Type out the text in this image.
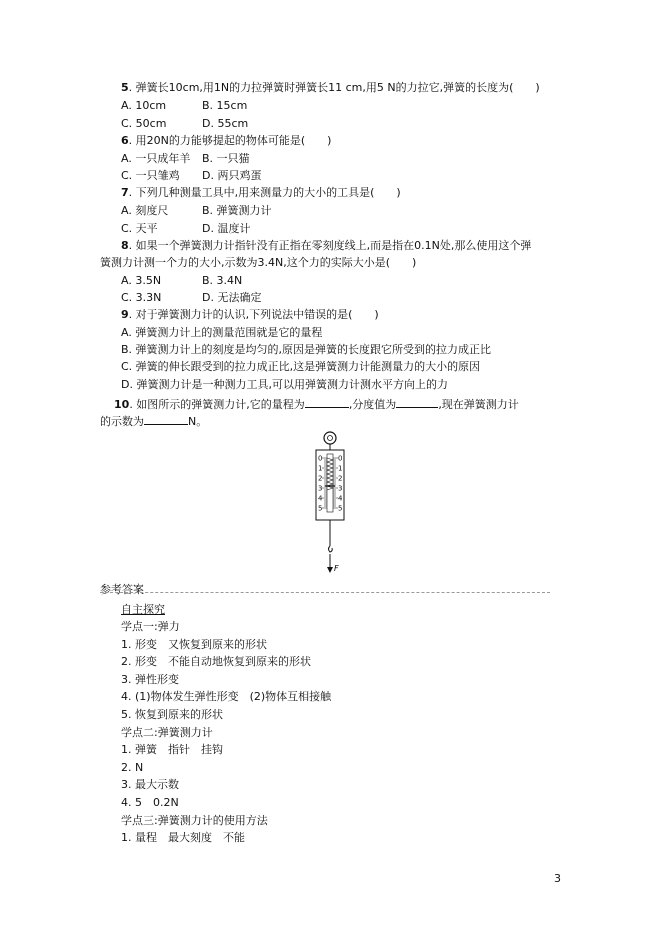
5. 弹簧长10cm,用1N的力拉弹簧时弹簧长11 cm,用5 N的力拉它,弹簧的长度为(　　)
A. 10cm	B. 15cm
C. 50cm	D. 55cm
6. 用20N的力能够提起的物体可能是(　　)
A. 一只成年羊 B. 一只猫
C. 一只雏鸡 D. 两只鸡蛋
7. 下列几种测量工具中,用来测量力的大小的工具是(　　)
A. 刻度尺	B. 弹簧测力计
C. 天平	D. 温度计
8. 如果一个弹簧测力计指针没有正指在零刻度线上,而是指在0.1N处,那么使用这个弹
簧测力计测一个力的大小,示数为3.4N,这个力的实际大小是(　　)
A. 3.5N	B. 3.4N
C. 3.3N	D. 无法确定
9. 对于弹簧测力计的认识,下列说法中错误的是(　　)
A. 弹簧测力计上的测量范围就是它的量程
B. 弹簧测力计上的刻度是均匀的,原因是弹簧的长度跟它所受到的拉力成正比
C. 弹簧的伸长跟受到的拉力成正比,这是弹簧测力计能测量力的大小的原因
D. 弹簧测力计是一种测力工具,可以用弹簧测力计测水平方向上的力
10. 如图所示的弹簧测力计,它的量程为	,分度值为	,现在弹簧测力计
的示数为	N。
0
1
2
3
4
5
0
1
2
3
4
5
F
参考答案
自主探究
学点一:弹力
1. 形变　又恢复到原来的形状
2. 形变　不能自动地恢复到原来的形状
3. 弹性形变
4. (1)物体发生弹性形变　(2)物体互相接触
5. 恢复到原来的形状
学点二:弹簧测力计
1. 弹簧　指针　挂钩
2. N
3. 最大示数
4. 5　0.2N
学点三:弹簧测力计的使用方法
1. 量程　最大刻度　不能
3
